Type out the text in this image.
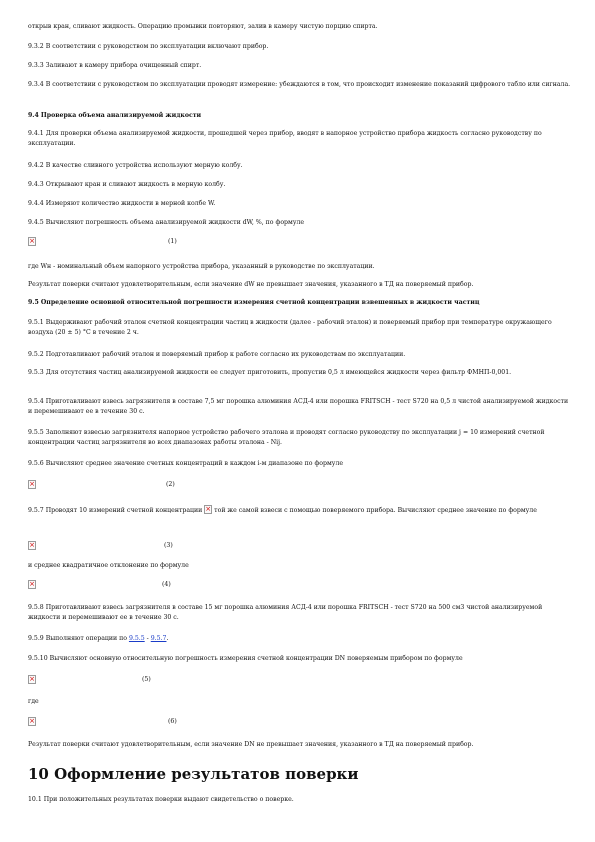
открыв кран, сливают жидкость. Операцию промывки повторяют, залив в камеру чистую порцию спирта.

9.3.2 В соответствии с руководством по эксплуатации включают прибор.

9.3.3 Заливают в камеру прибора очищенный спирт.

9.3.4 В соответствии с руководством по эксплуатации проводят измерение: убеждаются в том, что происходит изменение показаний цифрового табло или сигнала.

9.4 Проверка объема анализируемой жидкости

9.4.1 Для проверки объема анализируемой жидкости, прошедшей через прибор, вводят в напорное устройство прибора жидкость согласно руководству по эксплуатации.

9.4.2 В качестве сливного устройства используют мерную колбу.

9.4.3 Открывают кран и сливают жидкость в мерную колбу.

9.4.4 Измеряют количество жидкости в мерной колбе W.

9.4.5 Вычисляют погрешность объема анализируемой жидкости dW, %, по формуле

×
(1)

где Wн - номинальный объем напорного устройства прибора, указанный в руководстве по эксплуатации.

Результат поверки считают удовлетворительным, если значение dW не превышает значения, указанного в ТД на поверяемый прибор.

9.5 Определение основной относительной погрешности измерения счетной концентрации взвешенных в жидкости частиц

9.5.1 Выдерживают рабочий эталон счетной концентрации частиц в жидкости (далее - рабочий эталон) и поверяемый прибор при температуре окружающего воздуха (20 ± 5) °С в течение 2 ч.

9.5.2 Подготавливают рабочий эталон и поверяемый прибор к работе согласно их руководствам по эксплуатации.

9.5.3 Для отсутствия частиц анализируемой жидкости ее следует приготовить, пропустив 0,5 л имеющейся жидкости через фильтр ФМНП-0,001.

9.5.4 Приготавливают взвесь загрязнителя в составе 7,5 мг порошка алюминия АСД-4 или порошка FRITSCH - тест S720 на 0,5 л чистой анализируемой жидкости и перемешивают ее в течение 30 с.

9.5.5 Заполняют взвесью загрязнителя напорное устройство рабочего эталона и проводят согласно руководству по эксплуатации j = 10 измерений счетной концентрации частиц загрязнителя во всех диапазонах работы эталона - Nij.

9.5.6 Вычисляют среднее значение счетных концентраций в каждом i-м диапазоне по формуле

×
(2)

9.5.7 Проводят 10 измерений счетной концентрации × той же самой взвеси с помощью поверяемого прибора. Вычисляют среднее значение по формуле

×
(3)

и среднее квадратичное отклонение по формуле

×
(4)

9.5.8 Приготавливают взвесь загрязнителя в составе 15 мг порошка алюминия АСД-4 или порошка FRITSCH - тест S720 на 500 см3 чистой анализируемой жидкости и перемешивают ее в течение 30 с.

9.5.9 Выполняют операции по 9.5.5 - 9.5.7.

9.5.10 Вычисляют основную относительную погрешность измерения счетной концентрации DN поверяемым прибором по формуле

×
(5)

где

×
(6)

Результат поверки считают удовлетворительным, если значение DN не превышает значения, указанного в ТД на поверяемый прибор.

10 Оформление результатов поверки

10.1 При положительных результатах поверки выдают свидетельство о поверке.
